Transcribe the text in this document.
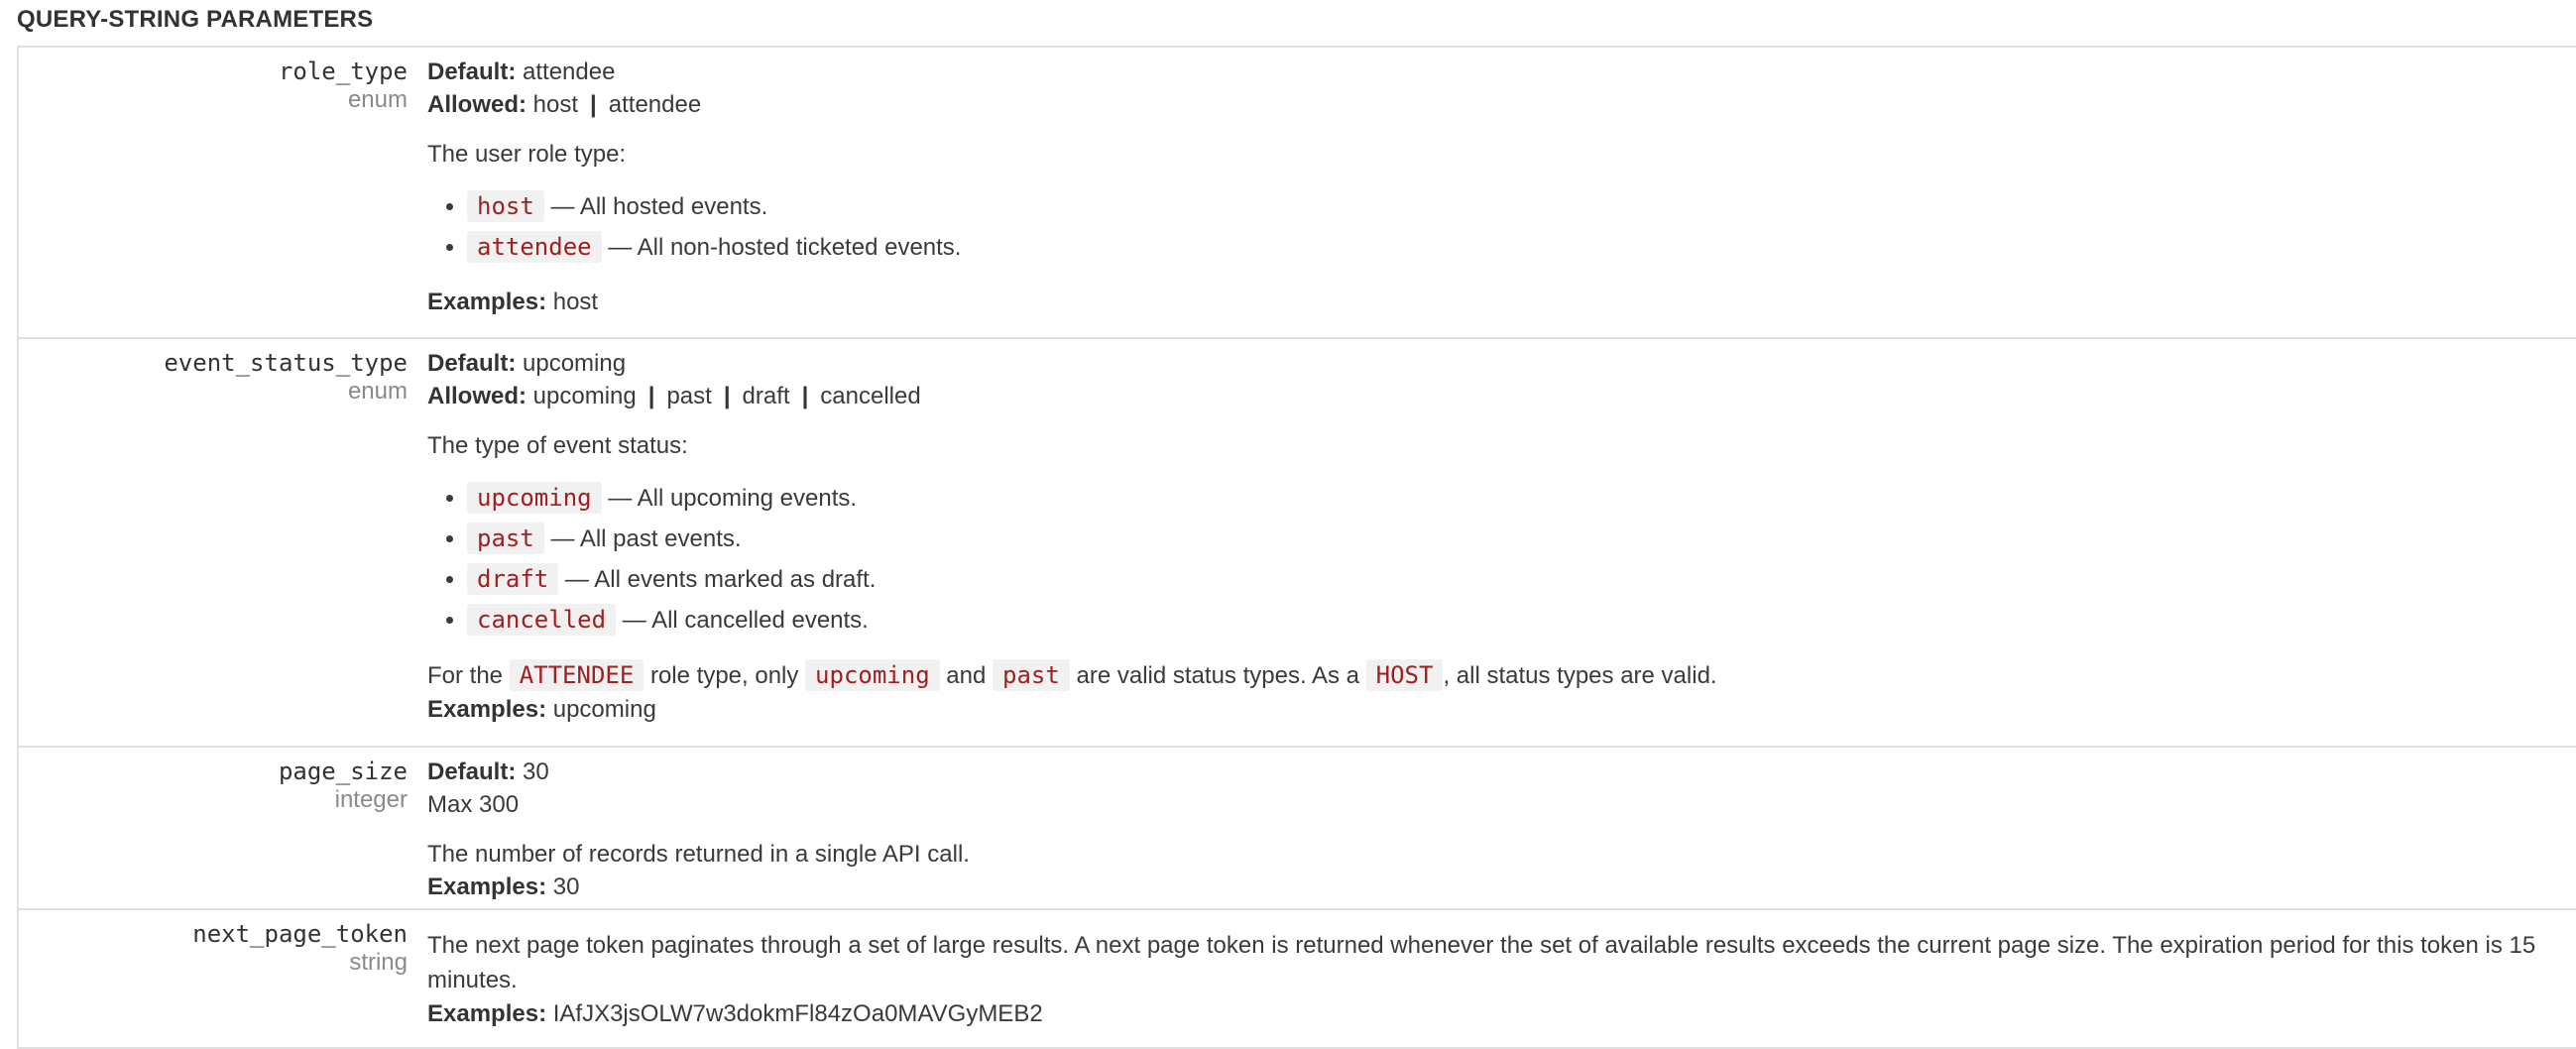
QUERY-STRING PARAMETERS
role_type
enum

Default: attendee

Allowed: host | attendee

The user role type:

• host — All hosted events.
• attendee — All non-hosted ticketed events.

Examples: host

event_status_type
enum

Default: upcoming

Allowed: upcoming | past | draft | cancelled

The type of event status:

• upcoming — All upcoming events.
• past — All past events.
• draft — All events marked as draft.
• cancelled — All cancelled events.

For the ATTENDEE role type, only upcoming and past are valid status types. As a HOST , all status types are valid.

Examples: upcoming

page_size
integer

Default: 30

Max 300

The number of records returned in a single API call.

Examples: 30

next_page_token
string

The next page token paginates through a set of large results. A next page token is returned whenever the set of available results exceeds the current page size. The expiration period for this token is 15 minutes.

Examples: IAfJX3jsOLW7w3dokmFl84zOa0MAVGyMEB2
